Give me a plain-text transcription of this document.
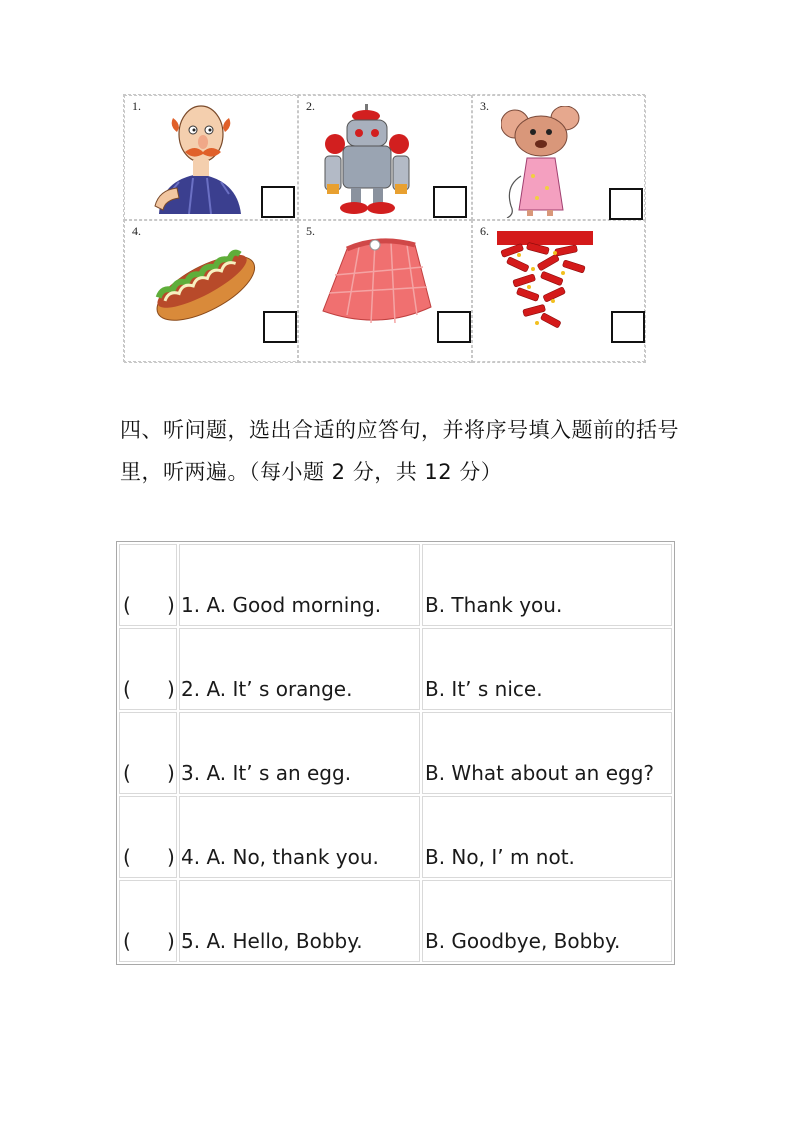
1.	2.	3.
4.	5.	6.
四、听问题，选出合适的应答句，并将序号填入题前的括号
里，听两遍。（每小题 2 分，共 12 分）
( )	1. A. Good morning.	B. Thank you.
( )	2. A. It’ s orange.	B. It’ s nice.
( )	3. A. It’ s an egg.	B. What about an egg?
( )	4. A. No, thank you.	B. No, I’ m not.
( )	5. A. Hello, Bobby.	B. Goodbye, Bobby.
